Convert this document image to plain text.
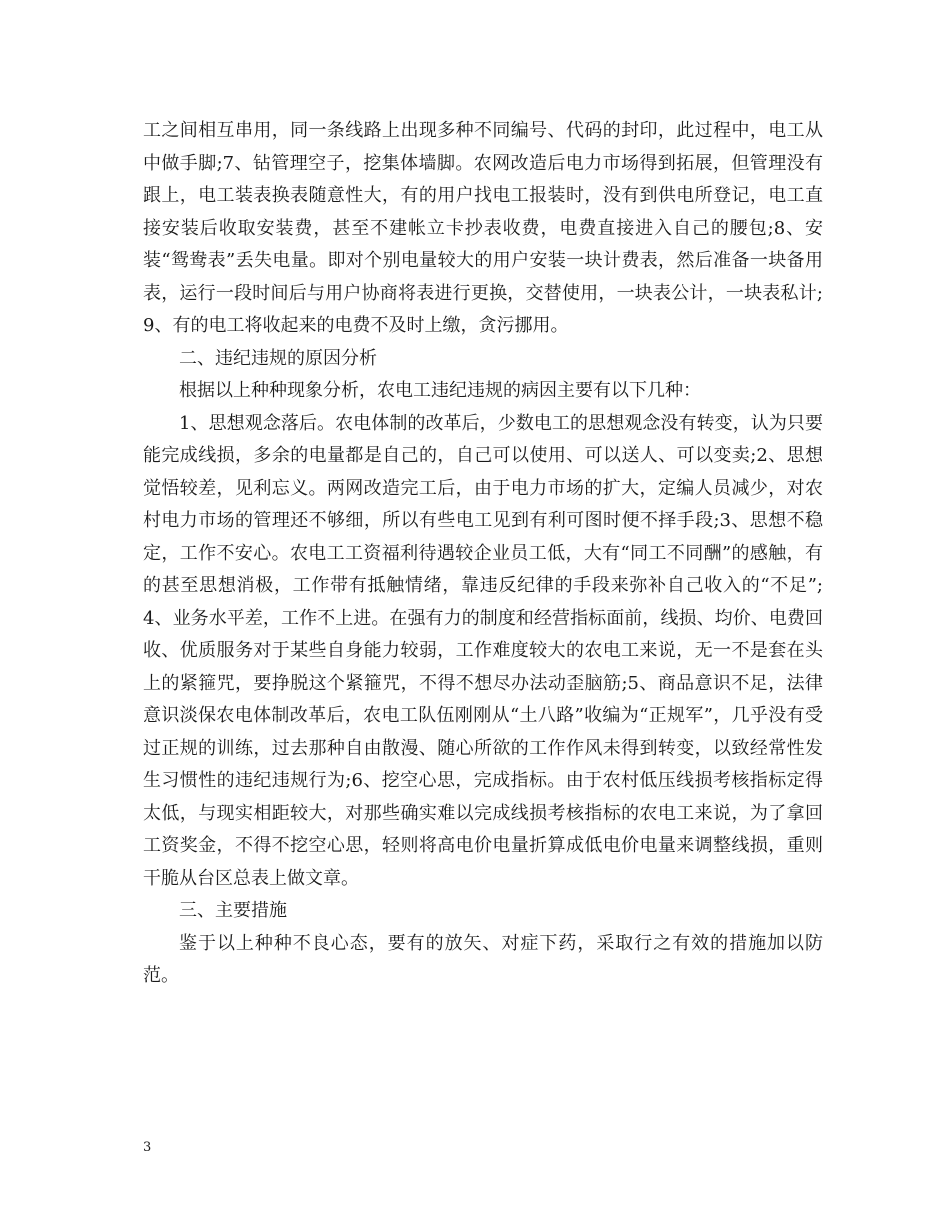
工之间相互串用，同一条线路上出现多种不同编号、代码的封印，此过程中，电工从中做手脚;7、钻管理空子，挖集体墙脚。农网改造后电力市场得到拓展，但管理没有跟上，电工装表换表随意性大，有的用户找电工报装时，没有到供电所登记，电工直接安装后收取安装费，甚至不建帐立卡抄表收费，电费直接进入自己的腰包;8、安装“鸳鸯表”丢失电量。即对个别电量较大的用户安装一块计费表，然后准备一块备用表，运行一段时间后与用户协商将表进行更换，交替使用，一块表公计，一块表私计;9、有的电工将收起来的电费不及时上缴，贪污挪用。

二、违纪违规的原因分析

根据以上种种现象分析，农电工违纪违规的病因主要有以下几种：

1、思想观念落后。农电体制的改革后，少数电工的思想观念没有转变，认为只要能完成线损，多余的电量都是自己的，自己可以使用、可以送人、可以变卖;2、思想觉悟较差，见利忘义。两网改造完工后，由于电力市场的扩大，定编人员减少，对农村电力市场的管理还不够细，所以有些电工见到有利可图时便不择手段;3、思想不稳定，工作不安心。农电工工资福利待遇较企业员工低，大有“同工不同酬”的感触，有的甚至思想消极，工作带有抵触情绪，靠违反纪律的手段来弥补自己收入的“不足”;4、业务水平差，工作不上进。在强有力的制度和经营指标面前，线损、均价、电费回收、优质服务对于某些自身能力较弱，工作难度较大的农电工来说，无一不是套在头上的紧箍咒，要挣脱这个紧箍咒，不得不想尽办法动歪脑筋;5、商品意识不足，法律意识淡保农电体制改革后，农电工队伍刚刚从“土八路”收编为“正规军”，几乎没有受过正规的训练，过去那种自由散漫、随心所欲的工作作风未得到转变，以致经常性发生习惯性的违纪违规行为;6、挖空心思，完成指标。由于农村低压线损考核指标定得太低，与现实相距较大，对那些确实难以完成线损考核指标的农电工来说，为了拿回工资奖金，不得不挖空心思，轻则将高电价电量折算成低电价电量来调整线损，重则干脆从台区总表上做文章。

三、主要措施

鉴于以上种种不良心态，要有的放矢、对症下药，采取行之有效的措施加以防范。

3
